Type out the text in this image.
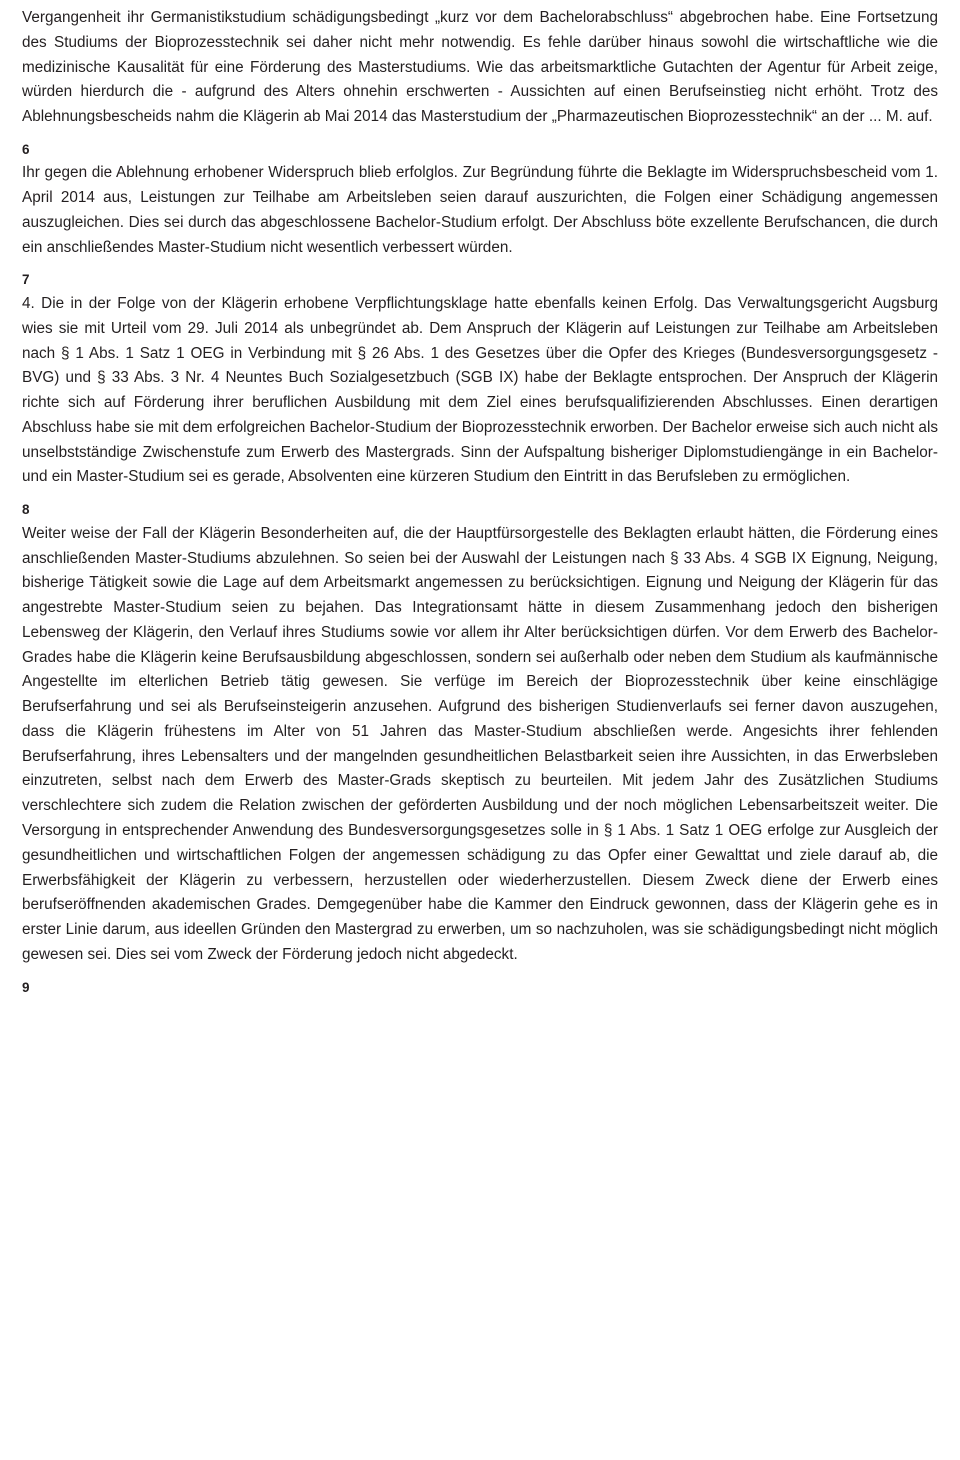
Vergangenheit ihr Germanistikstudium schädigungsbedingt „kurz vor dem Bachelorabschluss“ abgebrochen habe. Eine Fortsetzung des Studiums der Bioprozesstechnik sei daher nicht mehr notwendig. Es fehle darüber hinaus sowohl die wirtschaftliche wie die medizinische Kausalität für eine Förderung des Masterstudiums. Wie das arbeitsmarktliche Gutachten der Agentur für Arbeit zeige, würden hierdurch die - aufgrund des Alters ohnehin erschwerten - Aussichten auf einen Berufseinstieg nicht erhöht. Trotz des Ablehnungsbescheids nahm die Klägerin ab Mai 2014 das Masterstudium der „Pharmazeutischen Bioprozesstechnik“ an der ... M. auf.

6

Ihr gegen die Ablehnung erhobener Widerspruch blieb erfolglos. Zur Begründung führte die Beklagte im Widerspruchsbescheid vom 1. April 2014 aus, Leistungen zur Teilhabe am Arbeitsleben seien darauf auszurichten, die Folgen einer Schädigung angemessen auszugleichen. Dies sei durch das abgeschlossene Bachelor-Studium erfolgt. Der Abschluss böte exzellente Berufschancen, die durch ein anschließendes Master-Studium nicht wesentlich verbessert würden.

7

4. Die in der Folge von der Klägerin erhobene Verpflichtungsklage hatte ebenfalls keinen Erfolg. Das Verwaltungsgericht Augsburg wies sie mit Urteil vom 29. Juli 2014 als unbegründet ab. Dem Anspruch der Klägerin auf Leistungen zur Teilhabe am Arbeitsleben nach § 1 Abs. 1 Satz 1 OEG in Verbindung mit § 26 Abs. 1 des Gesetzes über die Opfer des Krieges (Bundesversorgungsgesetz - BVG) und § 33 Abs. 3 Nr. 4 Neuntes Buch Sozialgesetzbuch (SGB IX) habe der Beklagte entsprochen. Der Anspruch der Klägerin richte sich auf Förderung ihrer beruflichen Ausbildung mit dem Ziel eines berufsqualifizierenden Abschlusses. Einen derartigen Abschluss habe sie mit dem erfolgreichen Bachelor-Studium der Bioprozesstechnik erworben. Der Bachelor erweise sich auch nicht als unselbstständige Zwischenstufe zum Erwerb des Mastergrads. Sinn der Aufspaltung bisheriger Diplomstudiengänge in ein Bachelor- und ein Master-Studium sei es gerade, Absolventen eine kürzeren Studium den Eintritt in das Berufsleben zu ermöglichen.

8

Weiter weise der Fall der Klägerin Besonderheiten auf, die der Hauptfürsorgestelle des Beklagten erlaubt hätten, die Förderung eines anschließenden Master-Studiums abzulehnen. So seien bei der Auswahl der Leistungen nach § 33 Abs. 4 SGB IX Eignung, Neigung, bisherige Tätigkeit sowie die Lage auf dem Arbeitsmarkt angemessen zu berücksichtigen. Eignung und Neigung der Klägerin für das angestrebte Master-Studium seien zu bejahen. Das Integrationsamt hätte in diesem Zusammenhang jedoch den bisherigen Lebensweg der Klägerin, den Verlauf ihres Studiums sowie vor allem ihr Alter berücksichtigen dürfen. Vor dem Erwerb des Bachelor-Grades habe die Klägerin keine Berufsausbildung abgeschlossen, sondern sei außerhalb oder neben dem Studium als kaufmännische Angestellte im elterlichen Betrieb tätig gewesen. Sie verfüge im Bereich der Bioprozesstechnik über keine einschlägige Berufserfahrung und sei als Berufseinsteigerin anzusehen. Aufgrund des bisherigen Studienverlaufs sei ferner davon auszugehen, dass die Klägerin frühestens im Alter von 51 Jahren das Master-Studium abschließen werde. Angesichts ihrer fehlenden Berufserfahrung, ihres Lebensalters und der mangelnden gesundheitlichen Belastbarkeit seien ihre Aussichten, in das Erwerbsleben einzutreten, selbst nach dem Erwerb des Master-Grads skeptisch zu beurteilen. Mit jedem Jahr des Zusätzlichen Studiums verschlechtere sich zudem die Relation zwischen der geförderten Ausbildung und der noch möglichen Lebensarbeitszeit weiter. Die Versorgung in entsprechender Anwendung des Bundesversorgungsgesetzes solle in § 1 Abs. 1 Satz 1 OEG erfolge zur Ausgleich der gesundheitlichen und wirtschaftlichen Folgen der angemessen schädigung zu das Opfer einer Gewalttat und ziele darauf ab, die Erwerbsfähigkeit der Klägerin zu verbessern, herzustellen oder wiederherzustellen. Diesem Zweck diene der Erwerb eines berufseröffnenden akademischen Grades. Demgegenüber habe die Kammer den Eindruck gewonnen, dass der Klägerin gehe es in erster Linie darum, aus ideellen Gründen den Mastergrad zu erwerben, um so nachzuholen, was sie schädigungsbedingt nicht möglich gewesen sei. Dies sei vom Zweck der Förderung jedoch nicht abgedeckt.

9
